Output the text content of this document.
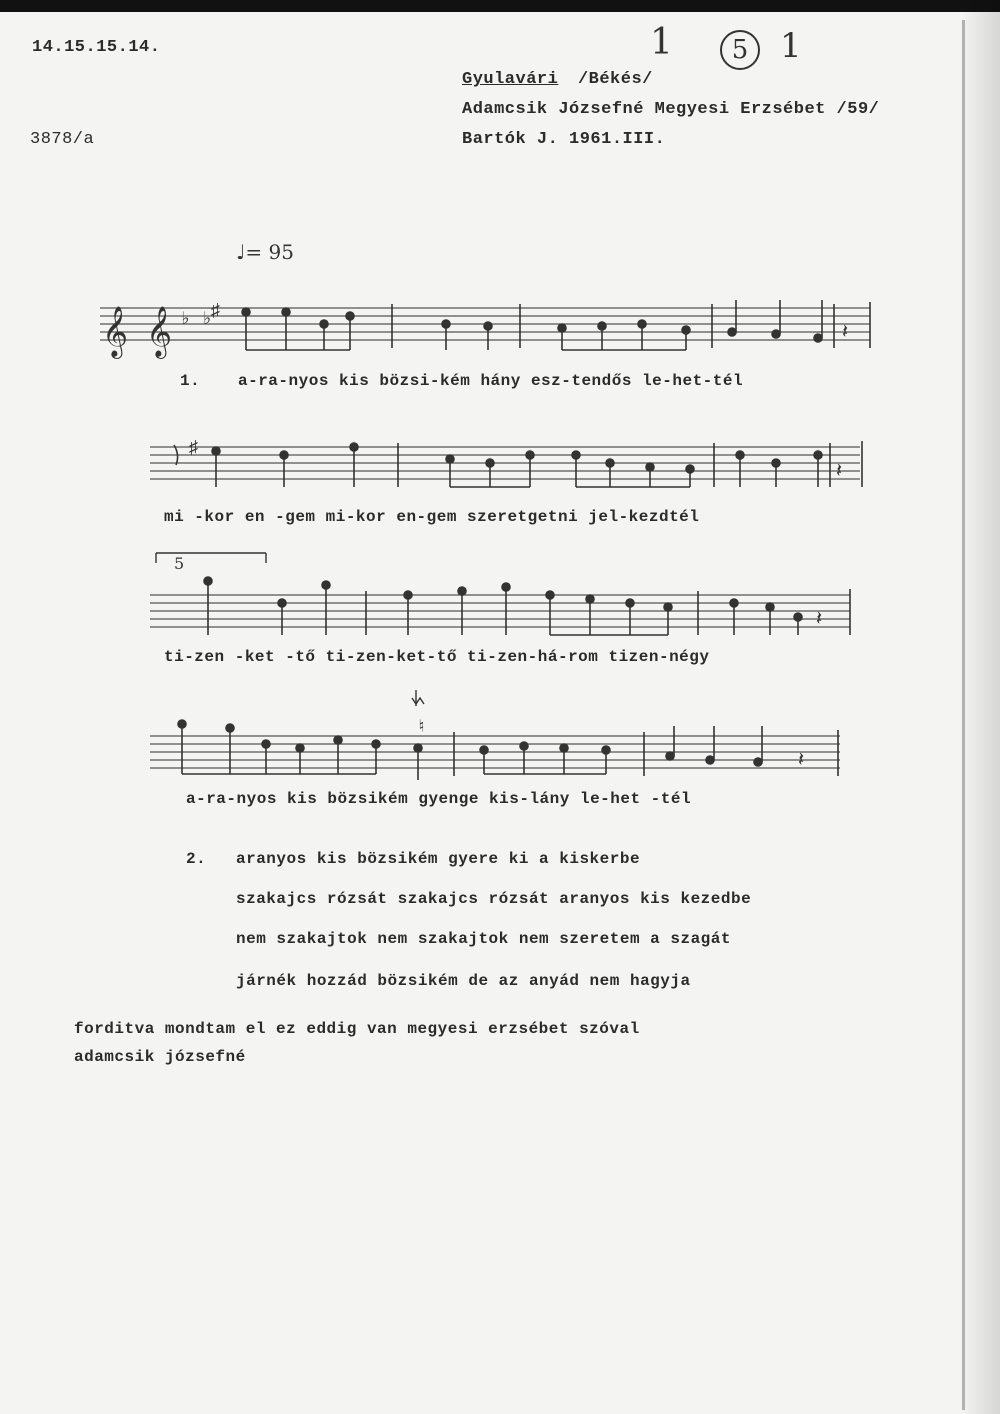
14.15.15.14.
3878/a
Gyulavári /Békés/
Adamcsik Józsefné Megyesi Erzsébet /59/
Bartók J. 1961.III.
1	5 1
♩= 95
𝄞 𝄞 ♭ ♭
♯
𝄽
1. a-ra-nyos kis bözsi-kém hány esz-tendős le-het-tél
♯
𝄽
mi -kor en -gem mi-kor en-gem szeretgetni jel-kezdtél
5
𝄽
ti-zen -ket -tő ti-zen-ket-tő ti-zen-há-rom tizen-négy
♮
𝄽
a-ra-nyos kis bözsikém gyenge kis-lány le-het -tél
2. aranyos kis bözsikém gyere ki a kiskerbe
szakajcs rózsát szakajcs rózsát aranyos kis kezedbe
nem szakajtok nem szakajtok nem szeretem a szagát
járnék hozzád bözsikém de az anyád nem hagyja
forditva mondtam el ez eddig van megyesi erzsébet szóval
adamcsik józsefné
